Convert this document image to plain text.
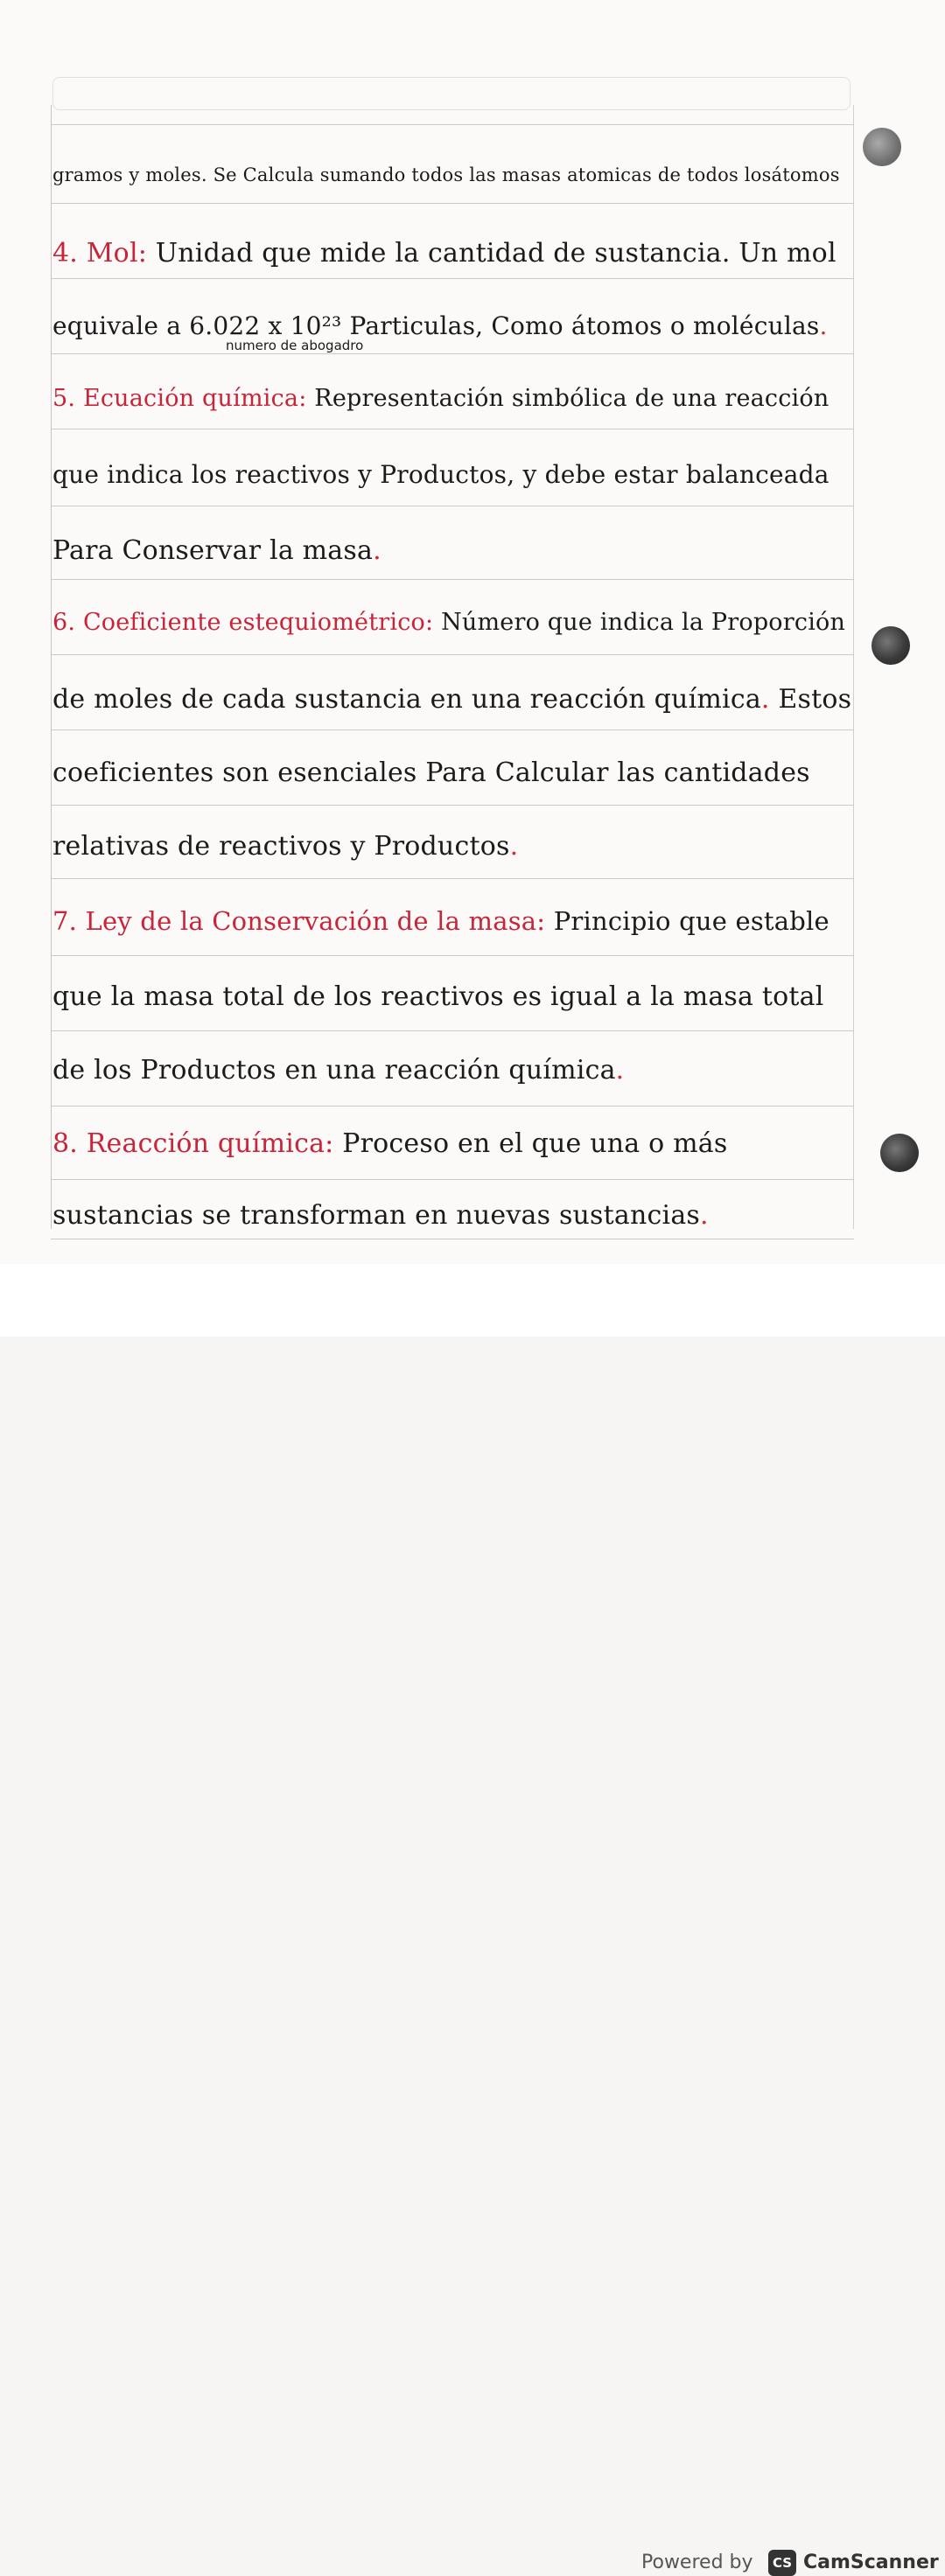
gramos y moles. Se Calcula sumando todos las masas atomicas de todos losátomos
4. Mol: Unidad que mide la cantidad de sustancia. Un mol
equivale a 6.022 x 10²³ Particulas, Como átomos o moléculas.
5. Ecuación química: Representación simbólica de una reacción
que indica los reactivos y Productos, y debe estar balanceada
Para Conservar la masa.
6. Coeficiente estequiométrico: Número que indica la Proporción
de moles de cada sustancia en una reacción química. Estos
coeficientes son esenciales Para Calcular las cantidades
relativas de reactivos y Productos.
7. Ley de la Conservación de la masa: Principio que estable
que la masa total de los reactivos es igual a la masa total
de los Productos en una reacción química.
8. Reacción química: Proceso en el que una o más
sustancias se transforman en nuevas sustancias.
numero de abogadro
Powered by	CS CamScanner
